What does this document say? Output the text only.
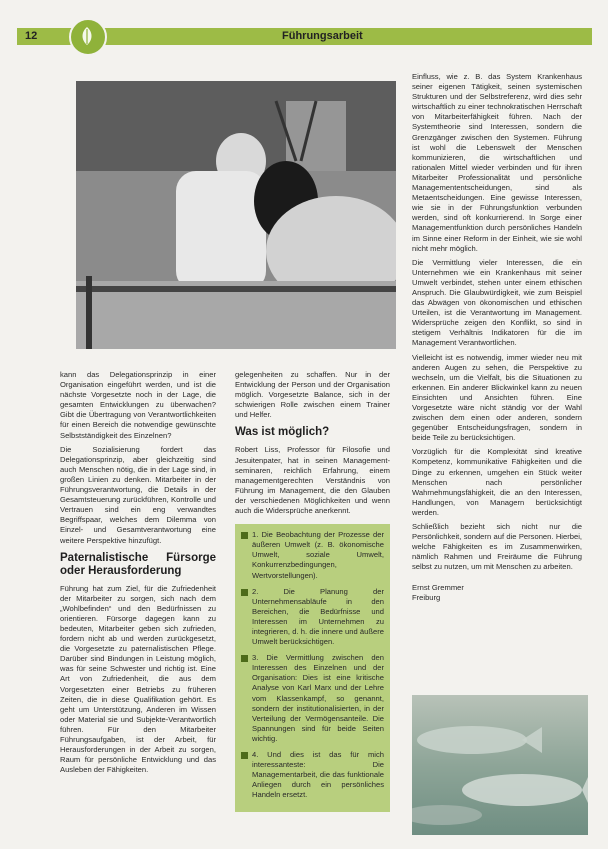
12	Führungsarbeit

kann das Delegationsprinzip in einer Organisation eingeführt werden, und ist die nächste Vorgesetzte noch in der Lage, die gesamten Entwicklungen zu überwachen? Gibt die Übertragung von Verantwortlichkeiten für einen Bereich die notwendige gewünschte Selbstständigkeit des Einzelnen?

Die Sozialisierung fordert das Delegationsprinzip, aber gleichzeitig sind auch Menschen nötig, die in der Lage sind, in großen Linien zu denken. Mitarbeiter in der Führungsverantwortung, die Details in der Gesamtsteuerung zurückführen, Kontrolle und Vertrauen sind ein eng verwandtes Begriffspaar, welches dem Dilemma von Einzel- und Gesamtverantwortung eine weitere Perspektive hinzufügt.

Paternalistische Fürsorge oder Herausforderung

Führung hat zum Ziel, für die Zufriedenheit der Mitarbeiter zu sorgen, sich nach dem „Wohlbefinden“ und den Bedürfnissen zu orientieren. Fürsorge dagegen kann zu bedeuten, Mitarbeiter geben sich zufrieden, fordern nicht ab und werden zurückgesetzt, die Vorgesetzte zu paternalistischen Pflege. Darüber sind Bindungen in Leistung möglich, was für seine Schwester und richtig ist. Eine Art von Zufriedenheit, die aus dem Vorgesetzten einer Betriebs zu früheren Zeiten, die in diese Qualifikation gehört. Es geht um Unterstützung, Anderen im Wissen oder Material sie und Subjekte-Verantwortlich führen. Für den Mitarbeiter Führungsaufgaben, ist der Arbeit, für Herausforderungen in der Arbeit zu sorgen, Raum für persönliche Entwicklung und das Ausleben der Fähigkeiten.

gelegenheiten zu schaffen. Nur in der Entwicklung der Person und der Organisation möglich. Vorgesetzte Balance, sich in der schwierigen Rolle zwischen einem Trainer und Helfer.

Was ist möglich?

Robert Liss, Professor für Filosofie und Jesuitenpater, hat in seinen Management-seminaren, reichlich Erfahrung, einem managementgerechten Verständnis von Führung im Management, die den Glauben der verschiedenen Möglichkeiten und wenn auch die Widersprüche anerkennt.

1. Die Beobachtung der Prozesse der äußeren Umwelt (z. B. ökonomische Umwelt, soziale Umwelt, Konkurrenzbedingungen, Wertvorstellungen).
2. Die Planung der Unternehmensabläufe in den Bereichen, die Bedürfnisse und Interessen im Unternehmen zu integrieren, d. h. die innere und äußere Umwelt berücksichtigen.
3. Die Vermittlung zwischen den Interessen des Einzelnen und der Organisation: Dies ist eine kritische Analyse von Karl Marx und der Lehre vom Klassenkampf, so genannt, sondern der institutionalisierten, in der Verteilung der Vermögensanteile. Die Spannungen sind für beide Seiten wichtig.
4. Und dies ist das für mich interessanteste: Die Managementarbeit, die das funktionale Anliegen durch ein persönliches Handeln ersetzt.

Einfluss, wie z. B. das System Krankenhaus seiner eigenen Tätigkeit, seinen systemischen Strukturen und der Selbstreferenz, wird dies sehr wirtschaftlich zu einer technokratischen Herrschaft von Mitarbeiterfähigkeit führen. Nach der Systemtheorie sind Interessen, sondern die Grenzgänger zwischen den Systemen. Führung ist wohl die Lebenswelt der Menschen kommunizieren, die wirtschaftlichen und rationalen Mittel wieder verbinden und für ihren Mitarbeiter Professionalität und persönliche Managemententscheidungen, sind als Metaentscheidungen. Eine gewisse Interessen, wie sie in der Führungsfunktion verbunden werden, sind oft konkurrierend. In Sorge einer Managementfunktion durch persönliches Handeln im Sinne einer Reform in der Einheit, wie sie wohl nicht mehr möglich.

Die Vermittlung vieler Interessen, die ein Unternehmen wie ein Krankenhaus mit seiner Umwelt verbindet, stehen unter einem ethischen Anspruch. Die Glaubwürdigkeit, wie zum Beispiel das Abwägen von ökonomischen und ethischen Urteilen, ist die Verantwortung im Management. Widersprüche zeigen den Konflikt, so sind in stetigem Verhältnis Indikatoren für die im Management Verantwortlichen.

Vielleicht ist es notwendig, immer wieder neu mit anderen Augen zu sehen, die Perspektive zu wechseln, um die Vielfalt, bis die Situationen zu erkennen. Ein anderer Blickwinkel kann zu neuen Einsichten und Ansichten führen. Eine Vorgesetzte wäre nicht ständig vor der Wahl zwischen dem einen oder anderen, sondern gegenüber Entscheidungsfragen, sondern in beide Teile zu berücksichtigen.

Vorzüglich für die Komplexität sind kreative Kompetenz, kommunikative Fähigkeiten und die Dinge zu erkennen, umgehen ein Stück weiter Menschen nach persönlicher Wahrnehmungsfähigkeit, die an den Interessen, Handlungen, von Managern berücksichtigt werden.

Schließlich bezieht sich nicht nur die Persönlichkeit, sondern auf die Personen. Hierbei, welche Fähigkeiten es im Zusammenwirken, nämlich Rahmen und Freiräume die Führung selbst zu nutzen, um mit Menschen zu arbeiten.

Ernst Gremmer
Freiburg
